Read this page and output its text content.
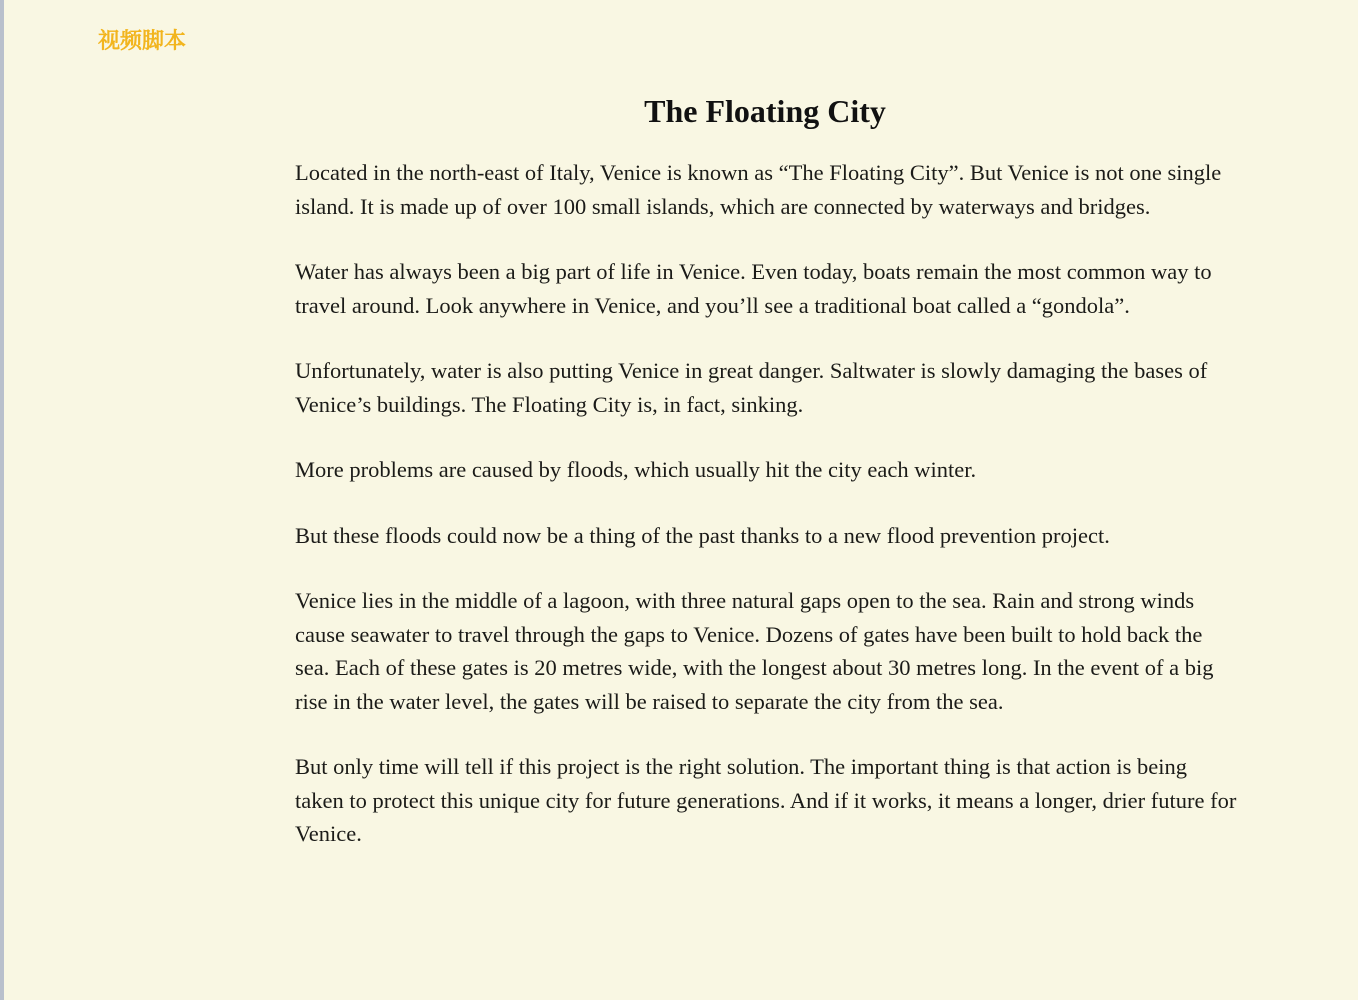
视频脚本
The Floating City

Located in the north-east of Italy, Venice is known as “The Floating City”. But Venice is not one single island. It is made up of over 100 small islands, which are connected by waterways and bridges.

Water has always been a big part of life in Venice. Even today, boats remain the most common way to travel around. Look anywhere in Venice, and you’ll see a traditional boat called a “gondola”.

Unfortunately, water is also putting Venice in great danger. Saltwater is slowly damaging the bases of Venice’s buildings. The Floating City is, in fact, sinking.

More problems are caused by floods, which usually hit the city each winter.

But these floods could now be a thing of the past thanks to a new flood prevention project.

Venice lies in the middle of a lagoon, with three natural gaps open to the sea. Rain and strong winds cause seawater to travel through the gaps to Venice. Dozens of gates have been built to hold back the sea. Each of these gates is 20 metres wide, with the longest about 30 metres long. In the event of a big rise in the water level, the gates will be raised to separate the city from the sea.

But only time will tell if this project is the right solution. The important thing is that action is being taken to protect this unique city for future generations. And if it works, it means a longer, drier future for Venice.
